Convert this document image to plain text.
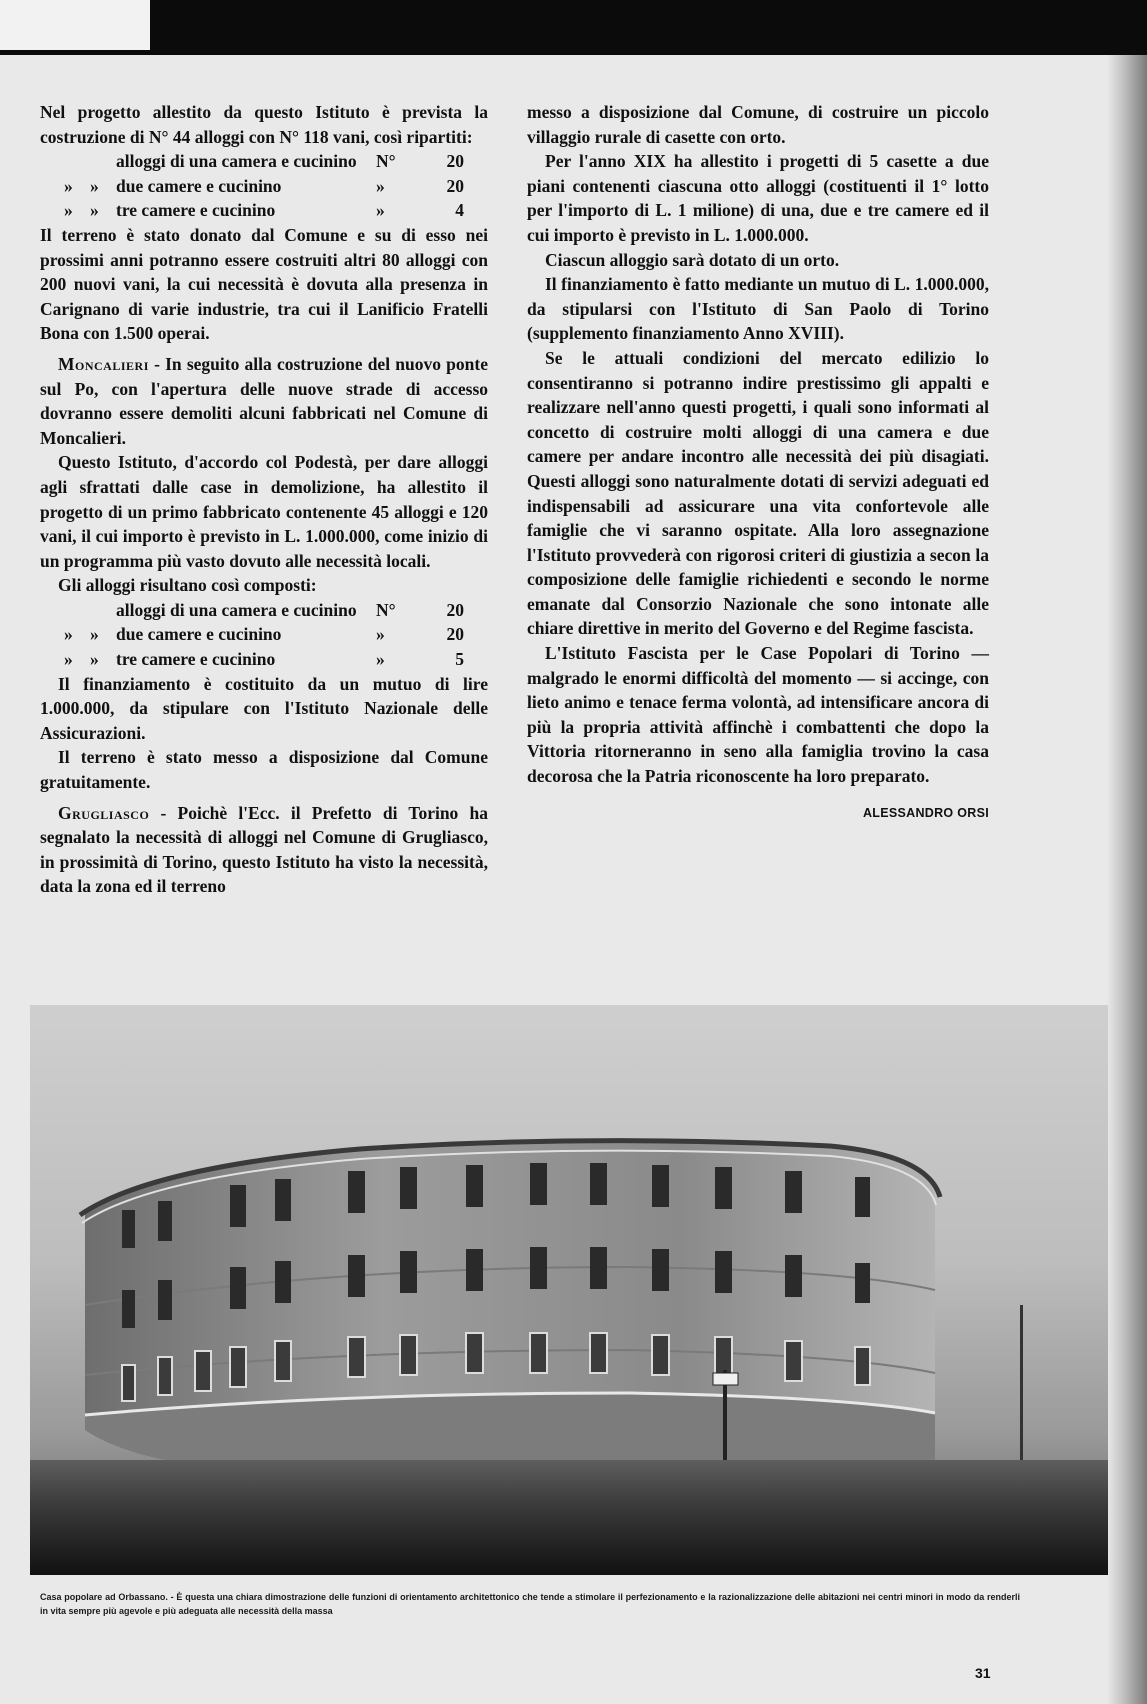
Nel progetto allestito da questo Istituto è prevista la costruzione di N° 44 alloggi con N° 118 vani, così ripartiti:

alloggi di una camera e cucinino	N°	20
» » due camere e cucinino	»	20
» » tre camere e cucinino	»	4

Il terreno è stato donato dal Comune e su di esso nei prossimi anni potranno essere costruiti altri 80 alloggi con 200 nuovi vani, la cui necessità è dovuta alla presenza in Carignano di varie industrie, tra cui il Lanificio Fratelli Bona con 1.500 operai.

Moncalieri - In seguito alla costruzione del nuovo ponte sul Po, con l'apertura delle nuove strade di accesso dovranno essere demoliti alcuni fabbricati nel Comune di Moncalieri.

Questo Istituto, d'accordo col Podestà, per dare alloggi agli sfrattati dalle case in demolizione, ha allestito il progetto di un primo fabbricato contenente 45 alloggi e 120 vani, il cui importo è previsto in L. 1.000.000, come inizio di un programma più vasto dovuto alle necessità locali.

Gli alloggi risultano così composti:

alloggi di una camera e cucinino	N°	20
» » due camere e cucinino	»	20
» » tre camere e cucinino	»	5

Il finanziamento è costituito da un mutuo di lire 1.000.000, da stipulare con l'Istituto Nazionale delle Assicurazioni.

Il terreno è stato messo a disposizione dal Comune gratuitamente.

Grugliasco - Poichè l'Ecc. il Prefetto di Torino ha segnalato la necessità di alloggi nel Comune di Grugliasco, in prossimità di Torino, questo Istituto ha visto la necessità, data la zona ed il terreno

messo a disposizione dal Comune, di costruire un piccolo villaggio rurale di casette con orto.

Per l'anno XIX ha allestito i progetti di 5 casette a due piani contenenti ciascuna otto alloggi (costituenti il 1° lotto per l'importo di L. 1 milione) di una, due e tre camere ed il cui importo è previsto in L. 1.000.000.

Ciascun alloggio sarà dotato di un orto.

Il finanziamento è fatto mediante un mutuo di L. 1.000.000, da stipularsi con l'Istituto di San Paolo di Torino (supplemento finanziamento Anno XVIII).

Se le attuali condizioni del mercato edilizio lo consentiranno si potranno indire prestissimo gli appalti e realizzare nell'anno questi progetti, i quali sono informati al concetto di costruire molti alloggi di una camera e due camere per andare incontro alle necessità dei più disagiati. Questi alloggi sono naturalmente dotati di servizi adeguati ed indispensabili ad assicurare una vita confortevole alle famiglie che vi saranno ospitate. Alla loro assegnazione l'Istituto provvederà con rigorosi criteri di giustizia a secon la composizione delle famiglie richiedenti e secondo le norme emanate dal Consorzio Nazionale che sono intonate alle chiare direttive in merito del Governo e del Regime fascista.

L'Istituto Fascista per le Case Popolari di Torino — malgrado le enormi difficoltà del momento — si accinge, con lieto animo e tenace ferma volontà, ad intensificare ancora di più la propria attività affinchè i combattenti che dopo la Vittoria ritorneranno in seno alla famiglia trovino la casa decorosa che la Patria riconoscente ha loro preparato.

ALESSANDRO ORSI
Casa popolare ad Orbassano. - È questa una chiara dimostrazione delle funzioni di orientamento architettonico che tende a stimolare il perfezionamento e la razionalizzazione delle abitazioni nei centri minori in modo da renderli in vita sempre più agevole e più adeguata alle necessità della massa
31
